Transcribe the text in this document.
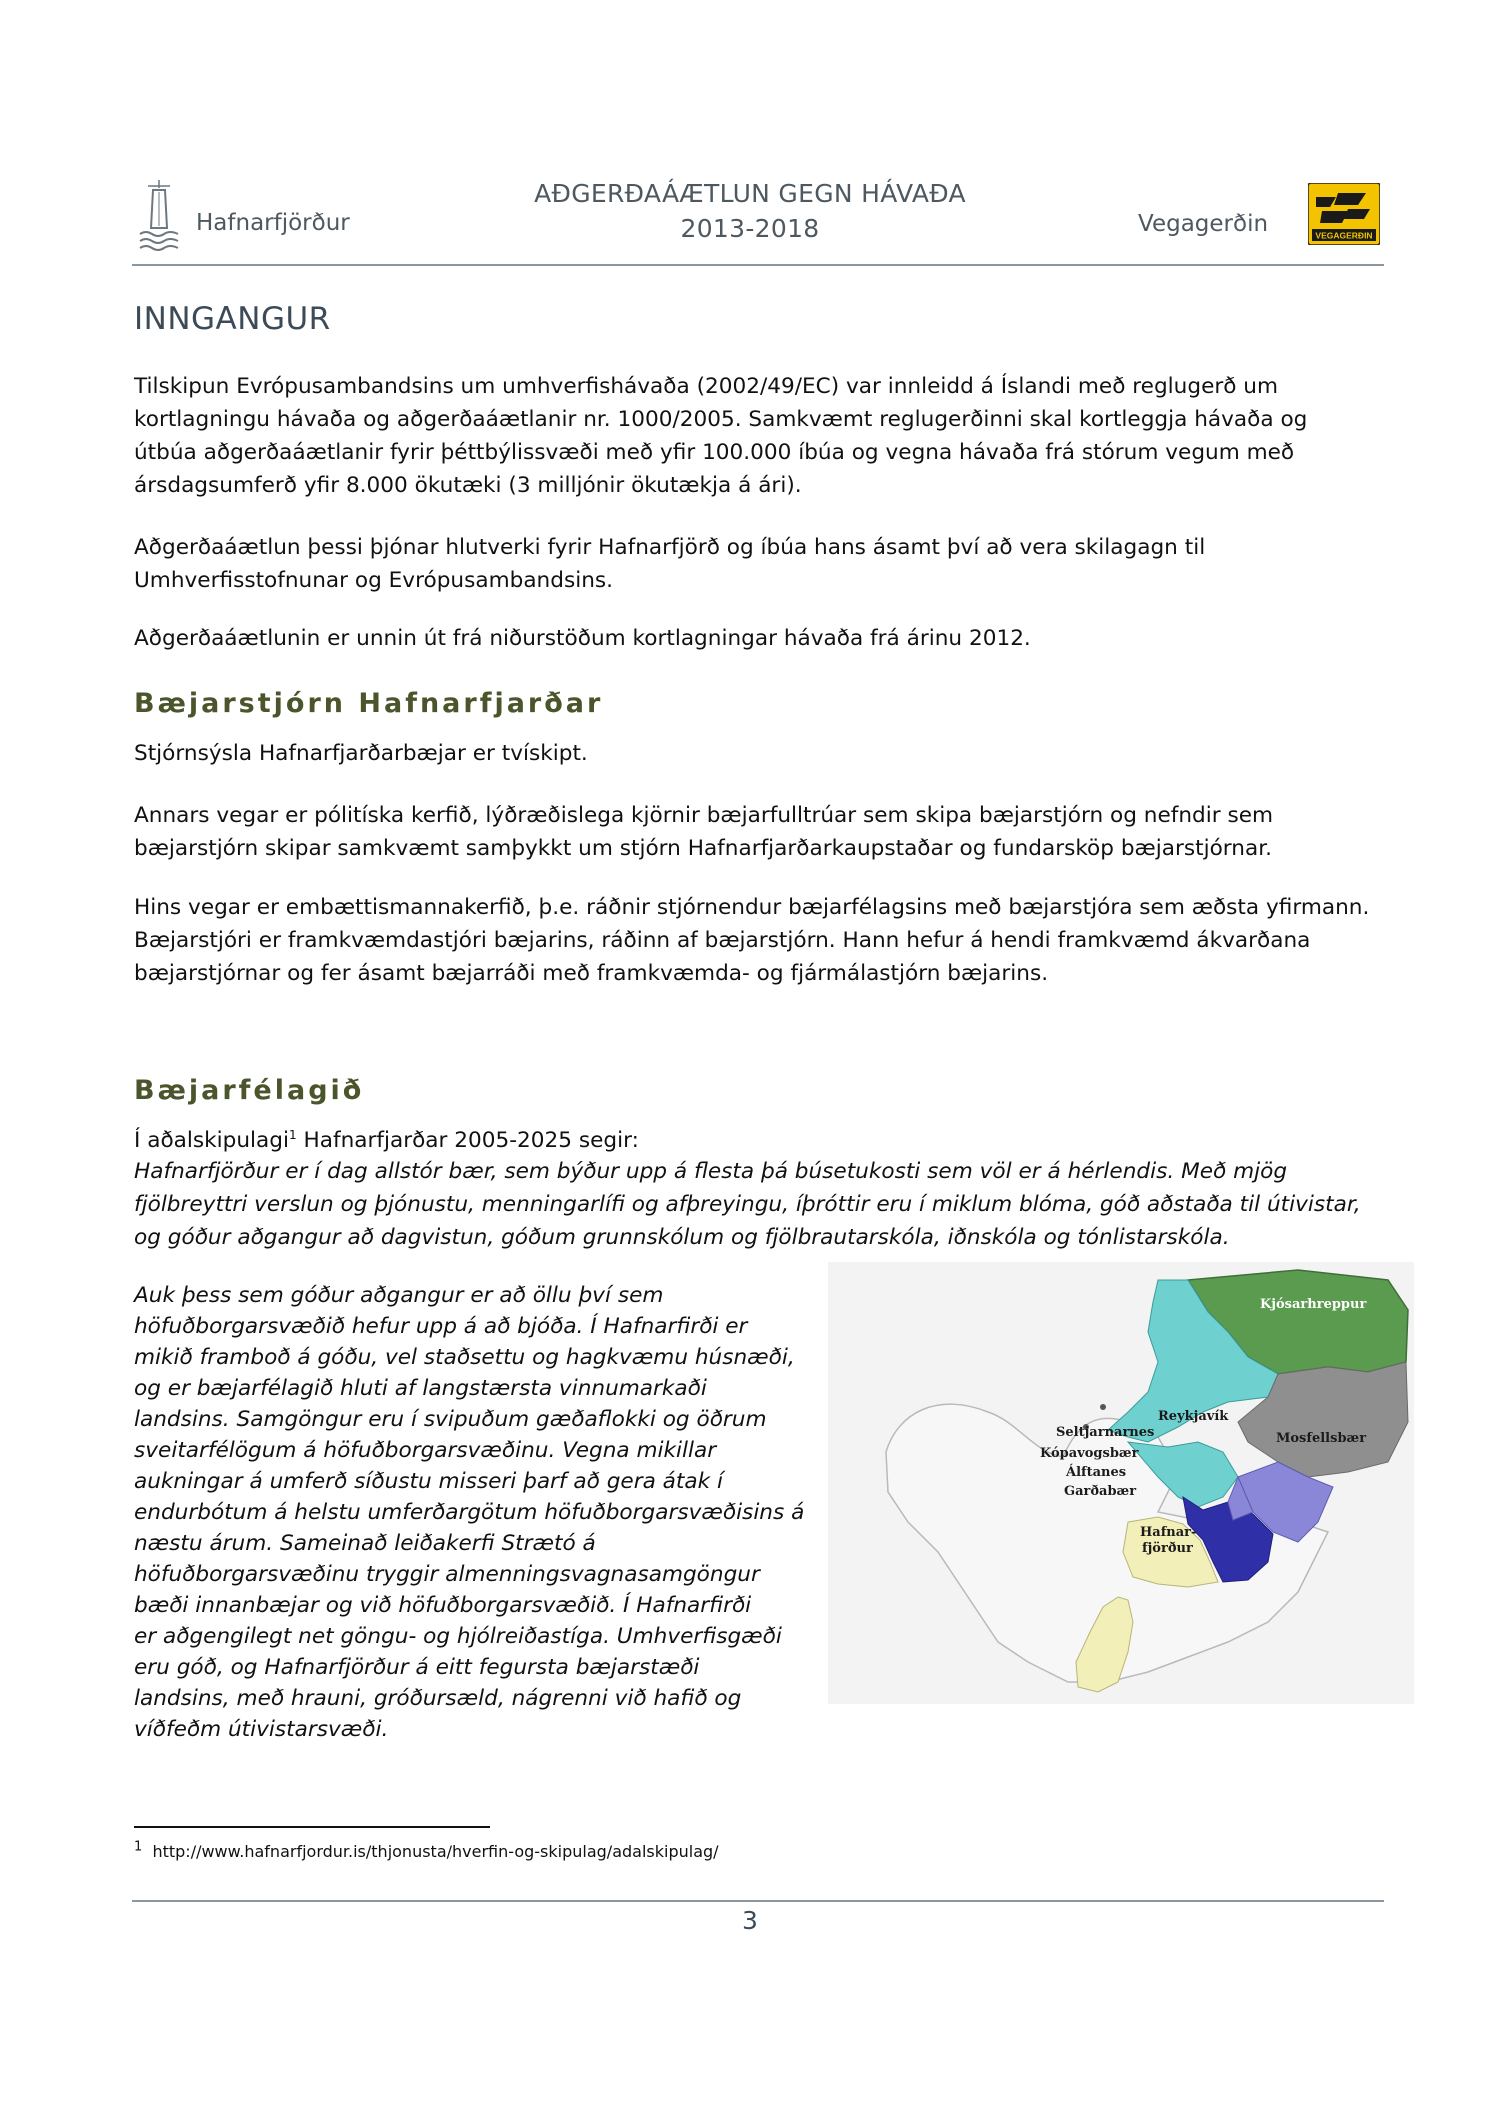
Hafnarfjörður
AÐGERÐAÁÆTLUN GEGN HÁVAÐA
2013-2018	Vegagerðin	VEGAGERÐIN
INNGANGUR
Tilskipun Evrópusambandsins um umhverfishávaða (2002/49/EC) var innleidd á Íslandi með reglugerð um kortlagningu hávaða og aðgerðaáætlanir nr. 1000/2005. Samkvæmt reglugerðinni skal kortleggja hávaða og útbúa aðgerðaáætlanir fyrir þéttbýlissvæði með yfir 100.000 íbúa og vegna hávaða frá stórum vegum með ársdagsumferð yfir 8.000 ökutæki (3 milljónir ökutækja á ári).
Aðgerðaáætlun þessi þjónar hlutverki fyrir Hafnarfjörð og íbúa hans ásamt því að vera skilagagn til Umhverfisstofnunar og Evrópusambandsins.
Aðgerðaáætlunin er unnin út frá niðurstöðum kortlagningar hávaða frá árinu 2012.
Bæjarstjórn Hafnarfjarðar
Stjórnsýsla Hafnarfjarðarbæjar er tvískipt.
Annars vegar er pólitíska kerfið, lýðræðislega kjörnir bæjarfulltrúar sem skipa bæjarstjórn og nefndir sem bæjarstjórn skipar samkvæmt samþykkt um stjórn Hafnarfjarðarkaupstaðar og fundarsköp bæjarstjórnar.
Hins vegar er embættismannakerfið, þ.e. ráðnir stjórnendur bæjarfélagsins með bæjarstjóra sem æðsta yfirmann. Bæjarstjóri er framkvæmdastjóri bæjarins, ráðinn af bæjarstjórn. Hann hefur á hendi framkvæmd ákvarðana bæjarstjórnar og fer ásamt bæjarráði með framkvæmda- og fjármálastjórn bæjarins.
Bæjarfélagið
Í aðalskipulagi$^1$ Hafnarfjarðar 2005-2025 segir:
Hafnarfjörður er í dag allstór bær, sem býður upp á flesta þá búsetukosti sem völ er á hérlendis. Með mjög fjölbreyttri verslun og þjónustu, menningarlífi og afþreyingu, íþróttir eru í miklum blóma, góð aðstaða til útivistar, og góður aðgangur að dagvistun, góðum grunnskólum og fjölbrautarskóla, iðnskóla og tónlistarskóla.
Auk þess sem góður aðgangur er að öllu því sem
höfuðborgarsvæðið hefur upp á að bjóða. Í Hafnarfirði er
mikið framboð á góðu, vel staðsettu og hagkvæmu húsnæði,
og er bæjarfélagið hluti af langstærsta vinnumarkaði
landsins. Samgöngur eru í svipuðum gæðaflokki og öðrum
sveitarfélögum á höfuðborgarsvæðinu. Vegna mikillar
aukningar á umferð síðustu misseri þarf að gera átak í
endurbótum á helstu umferðargötum höfuðborgarsvæðisins á
næstu árum. Sameinað leiðakerfi Strætó á
höfuðborgarsvæðinu tryggir almenningsvagnasamgöngur
bæði innanbæjar og við höfuðborgarsvæðið. Í Hafnarfirði
er aðgengilegt net göngu- og hjólreiðastíga. Umhverfisgæði
eru góð, og Hafnarfjörður á eitt fegursta bæjarstæði
landsins, með hrauni, gróðursæld, nágrenni við hafið og
víðfeðm útivistarsvæði.
Kjósarhreppur
Reykjavík
Seltjarnarnes	Mosfellsbær
Kópavogsbær
Álftanes
Garðabær
Hafnar-
fjörður
$^1$ http://www.hafnarfjordur.is/thjonusta/hverfin-og-skipulag/adalskipulag/
3
